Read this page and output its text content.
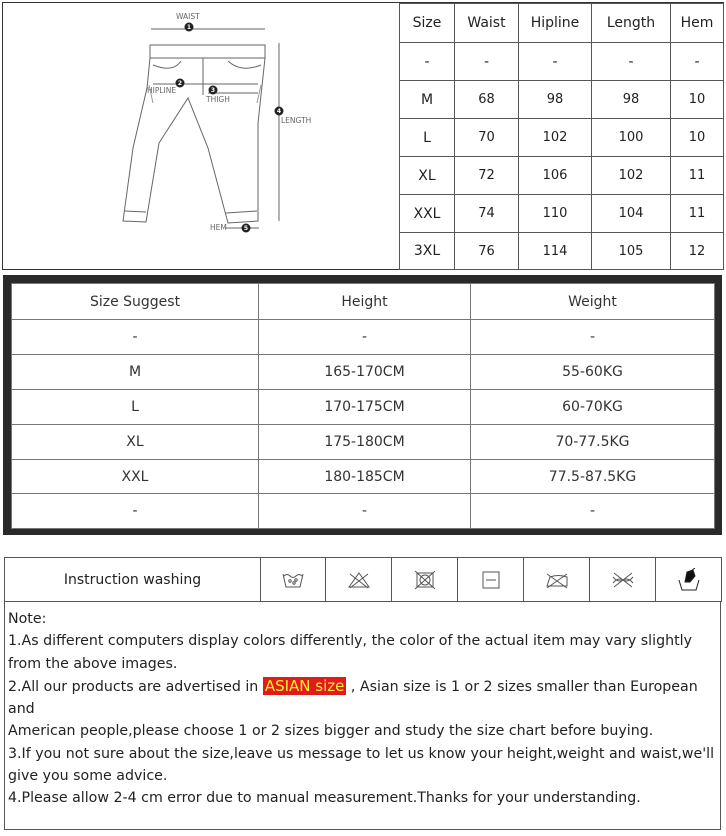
1
2
3
4
5
WAIST
HIPLINE
THIGH
LENGTH
HEM
Size	Waist	Hipline	Length	Hem
-	-	-	-	-
M	68	98	98	10
L	70	102	100	10
XL	72	106	102	11
XXL	74	110	104	11
3XL	76	114	105	12
Size Suggest	Height	Weight
-	-	-
M	165-170CM	55-60KG
L	170-175CM	60-70KG
XL	175-180CM	70-77.5KG
XXL	180-185CM	77.5-87.5KG
-	-	-
Instruction washing	

Note:

1.As different computers display colors differently, the color of the actual item may vary slightly from the above images.

2.All our products are advertised in ASIAN size , Asian size is 1 or 2 sizes smaller than European and

American people,please choose 1 or 2 sizes bigger and study the size chart before buying.

3.If you not sure about the size,leave us message to let us know your height,weight and waist,we'll give you some advice.

4.Please allow 2-4 cm error due to manual measurement.Thanks for your understanding.
